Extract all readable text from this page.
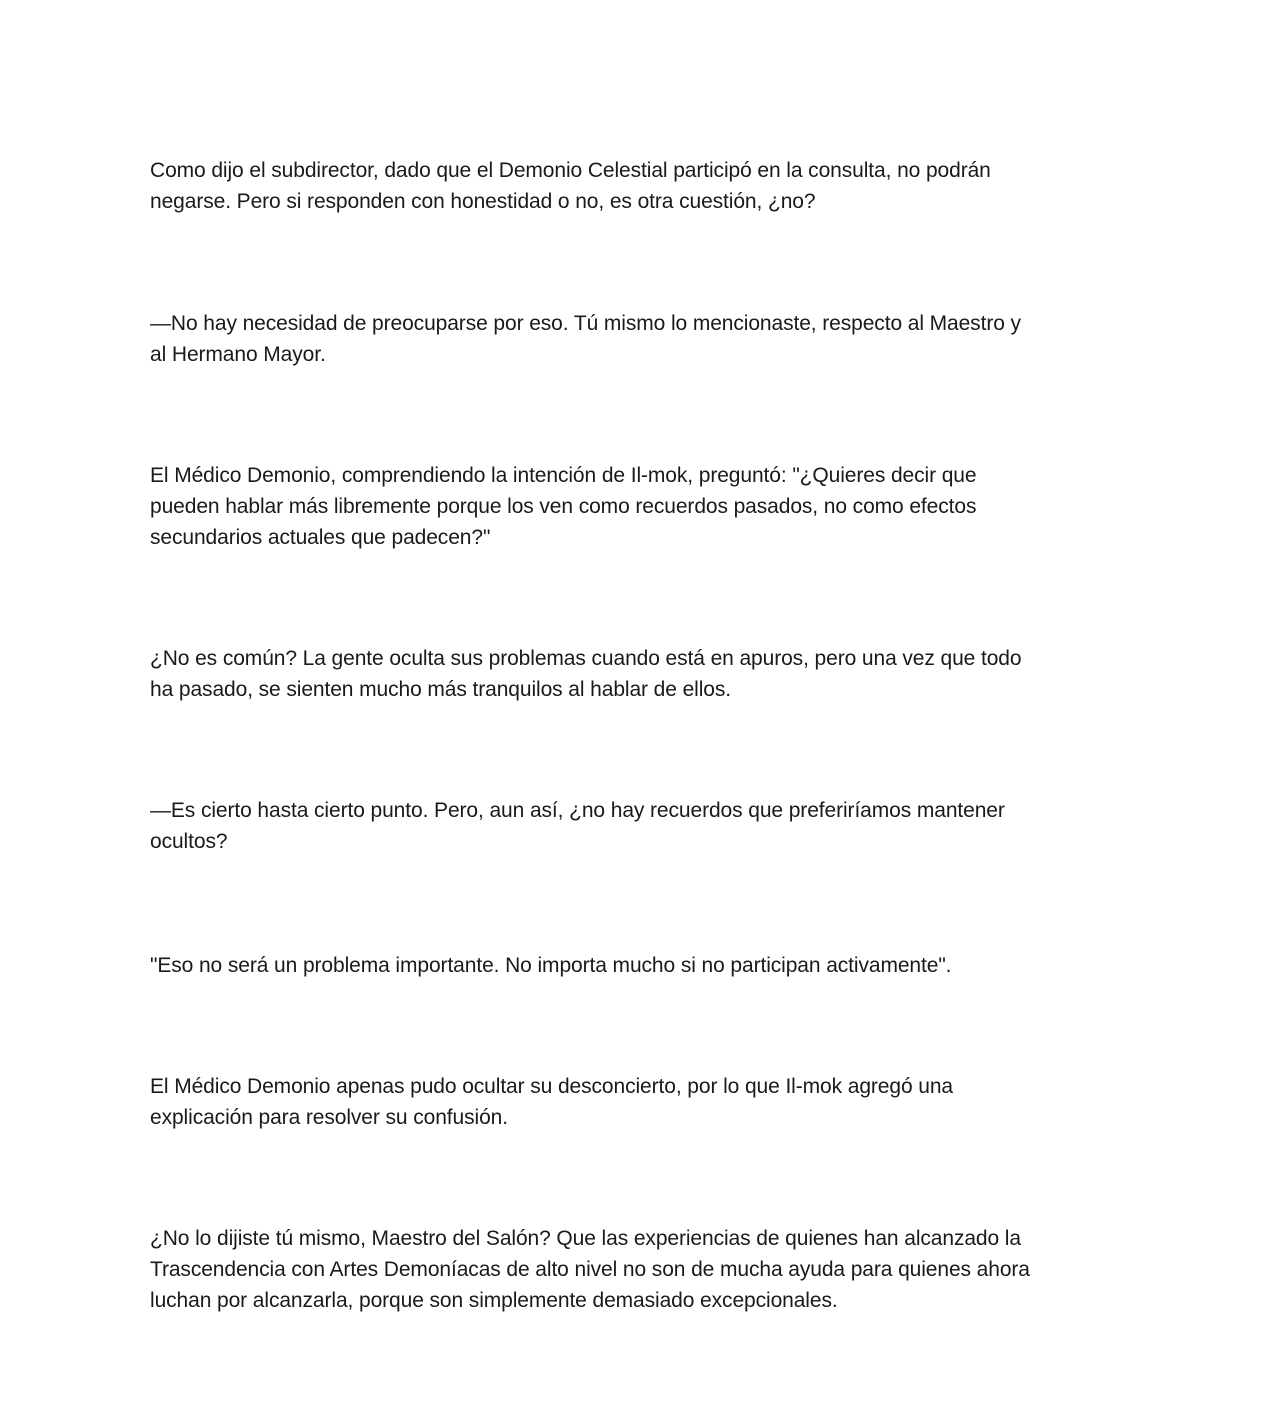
Como dijo el subdirector, dado que el Demonio Celestial participó en la consulta, no podrán
negarse. Pero si responden con honestidad o no, es otra cuestión, ¿no?

—No hay necesidad de preocuparse por eso. Tú mismo lo mencionaste, respecto al Maestro y
al Hermano Mayor.

El Médico Demonio, comprendiendo la intención de Il-mok, preguntó: "¿Quieres decir que
pueden hablar más libremente porque los ven como recuerdos pasados, no como efectos
secundarios actuales que padecen?"

¿No es común? La gente oculta sus problemas cuando está en apuros, pero una vez que todo
ha pasado, se sienten mucho más tranquilos al hablar de ellos.

—Es cierto hasta cierto punto. Pero, aun así, ¿no hay recuerdos que preferiríamos mantener
ocultos?

"Eso no será un problema importante. No importa mucho si no participan activamente".

El Médico Demonio apenas pudo ocultar su desconcierto, por lo que Il-mok agregó una
explicación para resolver su confusión.

¿No lo dijiste tú mismo, Maestro del Salón? Que las experiencias de quienes han alcanzado la
Trascendencia con Artes Demoníacas de alto nivel no son de mucha ayuda para quienes ahora
luchan por alcanzarla, porque son simplemente demasiado excepcionales.
